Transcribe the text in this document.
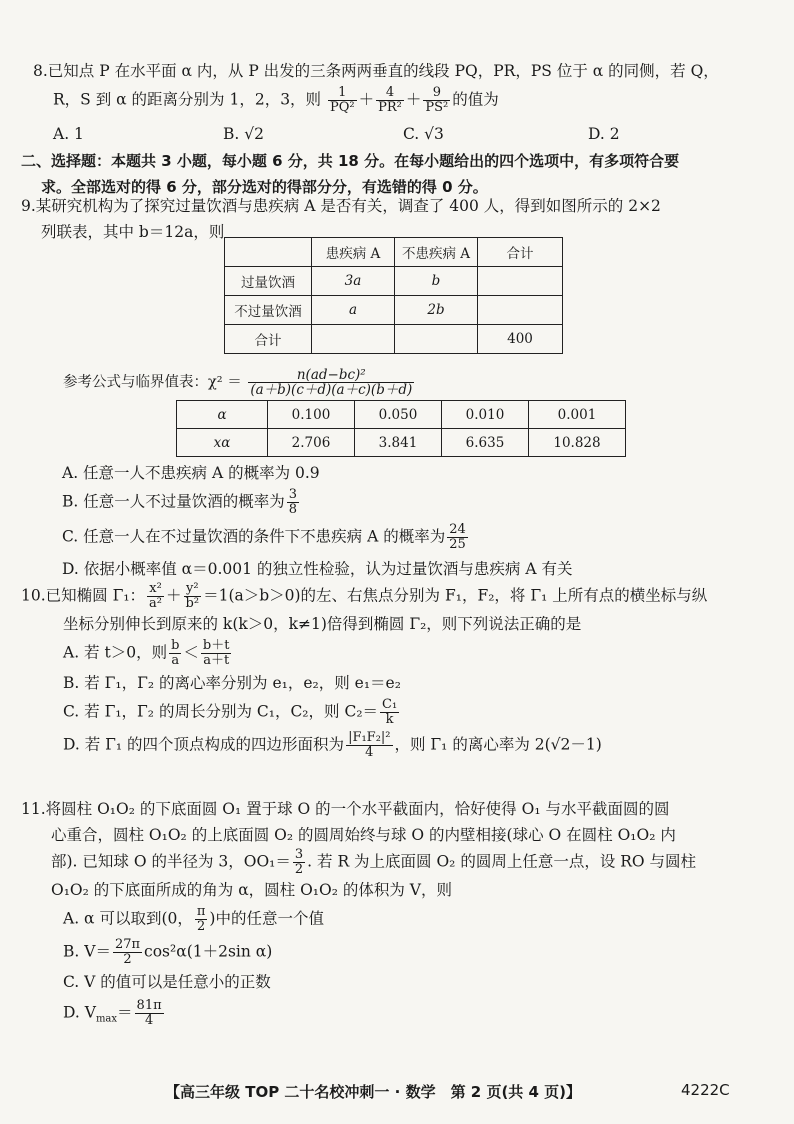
8.已知点 P 在水平面 α 内，从 P 出发的三条两两垂直的线段 PQ，PR，PS 位于 α 的同侧，若 Q，
R，S 到 α 的距离分别为 1，2，3，则 $\frac{1}{\text{PQ²}} + \frac{4}{\text{PR²}} + \frac{9}{\text{PS²}}$ 的值为
A. 1	B. √2	C. √3	D. 2
二、选择题：本题共 3 小题，每小题 6 分，共 18 分。在每小题给出的四个选项中，有多项符合要
求。全部选对的得 6 分，部分选对的得部分分，有选错的得 0 分。
9.某研究机构为了探究过量饮酒与患疾病 A 是否有关，调查了 400 人，得到如图所示的 2×2
列联表，其中 b＝12a，则
	患疾病 A	不患疾病 A	合计
过量饮酒	3a	b	
不过量饮酒	a	2b	
合计			400
参考公式与临界值表：$\chi^2 = \frac{\text{n(ad−bc)²}}{(a+b)(c+d)(a+c)(b+d)}$
α	0.100	0.050	0.010	0.001
xα	2.706	3.841	6.635	10.828
A. 任意一人不患疾病 A 的概率为 0.9
B. 任意一人不过量饮酒的概率为 $\frac{3}{8}$
C. 任意一人在不过量饮酒的条件下不患疾病 A 的概率为 $\frac{24}{25}$
D. 依据小概率值 α＝0.001 的独立性检验，认为过量饮酒与患疾病 A 有关
10.已知椭圆 Γ₁： $\frac{\text{x²}}{\text{a²}} + \frac{\text{y²}}{\text{b²}} =1(a>b>0)$的左、右焦点分别为 F₁，F₂，将 Γ₁ 上所有点的横坐标与纵
坐标分别伸长到原来的 k(k＞0，k≠1)倍得到椭圆 Γ₂，则下列说法正确的是
A. 若 t＞0，则 $\frac{b}{a} < \frac{b+t}{a+t}$
B. 若 Γ₁，Γ₂ 的离心率分别为 e₁，e₂，则 e₁＝e₂
C. 若 Γ₁，Γ₂ 的周长分别为 C₁，C₂，则 $C_2= \frac{\text{C₁}}{k}$
D. 若 Γ₁ 的四个顶点构成的四边形面积为 $\frac{\text{|F₁F₂|²}}{4}$ ，则 Γ₁ 的离心率为 2(√2－1)
11.将圆柱 O₁O₂ 的下底面圆 O₁ 置于球 O 的一个水平截面内，恰好使得 O₁ 与水平截面圆的圆
心重合，圆柱 O₁O₂ 的上底面圆 O₂ 的圆周始终与球 O 的内壁相接(球心 O 在圆柱 O₁O₂ 内
部). 已知球 O 的半径为 3，$OO_1= \frac{3}{2}$ . 若 R 为上底面圆 O₂ 的圆周上任意一点，设 RO 与圆柱
O₁O₂ 的下底面所成的角为 α，圆柱 O₁O₂ 的体积为 V，则
A. α 可以取到(0， $\frac{\pi}{2}$ )中的任意一个值
B. $V= \frac{27\pi}{2} \cos^2\alpha(1+2\sin$ α)
C. V 的值可以是任意小的正数
D. $V_{max}= \frac{81\pi}{4}$
【高三年级 TOP 二十名校冲刺一 · 数学　第 2 页(共 4 页)】	4222C
